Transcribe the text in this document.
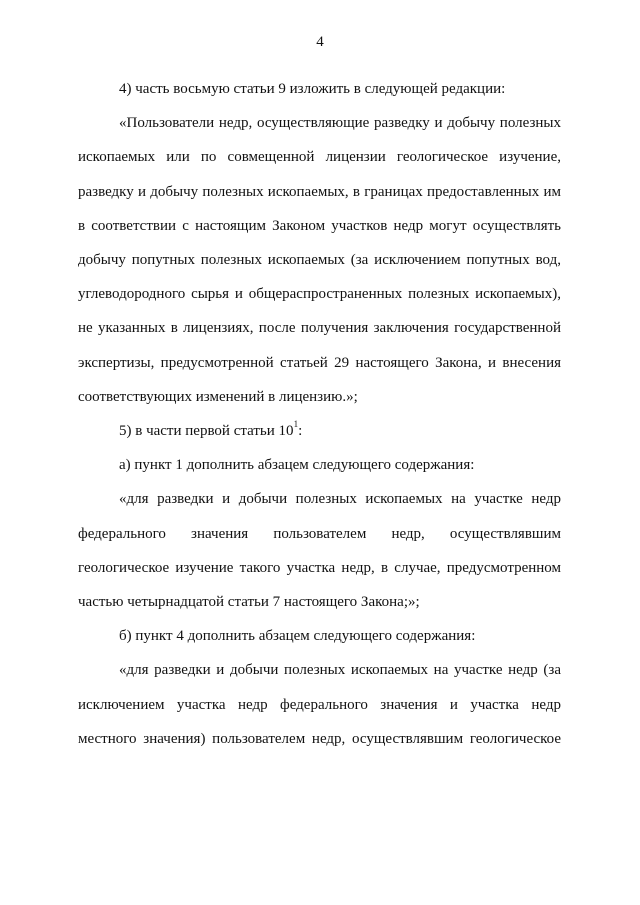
4

4) часть восьмую статьи 9 изложить в следующей редакции:

«Пользователи недр, осуществляющие разведку и добычу полезных
ископаемых или по совмещенной лицензии геологическое изучение,
разведку и добычу полезных ископаемых, в границах предоставленных им
в соответствии с настоящим Законом участков недр могут осуществлять
добычу попутных полезных ископаемых (за исключением попутных вод,
углеводородного сырья и общераспространенных полезных ископаемых),
не указанных в лицензиях, после получения заключения государственной
экспертизы, предусмотренной статьей 29 настоящего Закона, и внесения
соответствующих изменений в лицензию.»;

5) в части первой статьи $10^1$:

а) пункт 1 дополнить абзацем следующего содержания:

«для разведки и добычи полезных ископаемых на участке недр
федерального значения пользователем недр, осуществлявшим
геологическое изучение такого участка недр, в случае, предусмотренном
частью четырнадцатой статьи 7 настоящего Закона;»;

б) пункт 4 дополнить абзацем следующего содержания:

«для разведки и добычи полезных ископаемых на участке недр (за
исключением участка недр федерального значения и участка недр
местного значения) пользователем недр, осуществлявшим геологическое
